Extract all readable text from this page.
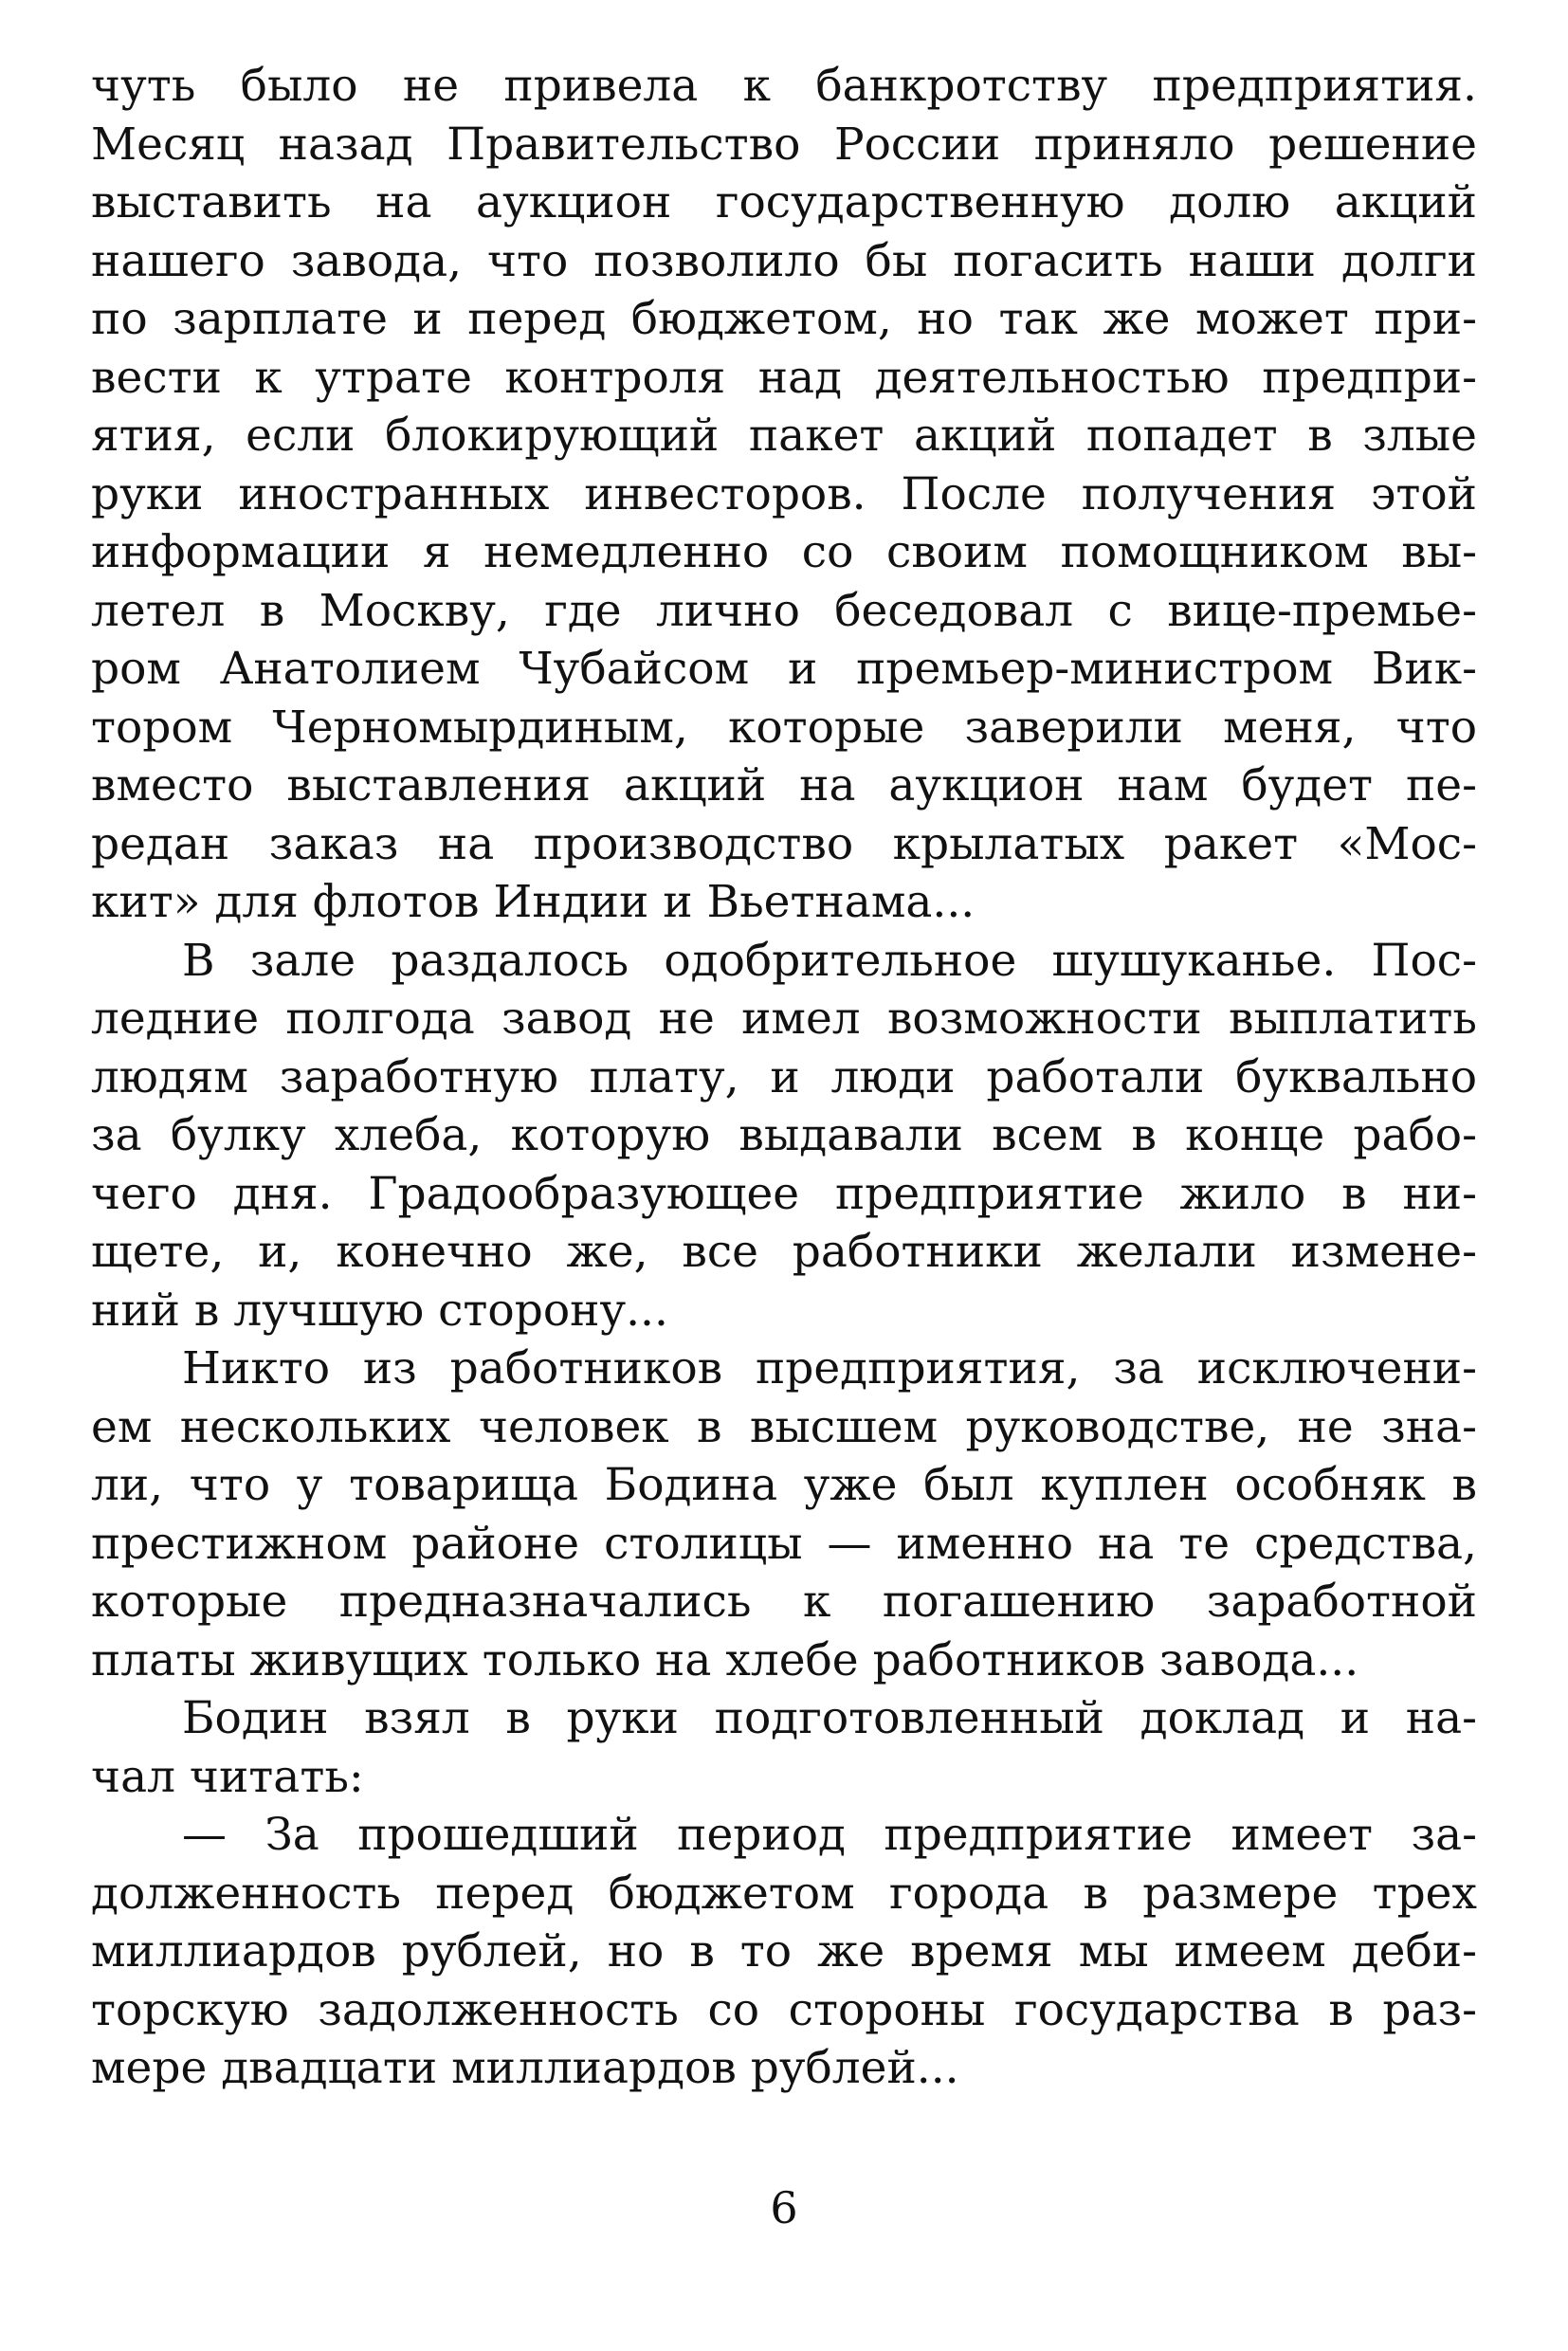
чуть было не привела к банкротству предприятия.
Месяц назад Правительство России приняло решение
выставить на аукцион государственную долю акций
нашего завода, что позволило бы погасить наши долги
по зарплате и перед бюджетом, но так же может при-
вести к утрате контроля над деятельностью предпри-
ятия, если блокирующий пакет акций попадет в злые
руки иностранных инвесторов. После получения этой
информации я немедленно со своим помощником вы-
летел в Москву, где лично беседовал с вице-премье-
ром Анатолием Чубайсом и премьер-министром Вик-
тором Черномырдиным, которые заверили меня, что
вместо выставления акций на аукцион нам будет пе-
редан заказ на производство крылатых ракет «Мос-
кит» для флотов Индии и Вьетнама...
В зале раздалось одобрительное шушуканье. Пос-
ледние полгода завод не имел возможности выплатить
людям заработную плату, и люди работали буквально
за булку хлеба, которую выдавали всем в конце рабо-
чего дня. Градообразующее предприятие жило в ни-
щете, и, конечно же, все работники желали измене-
ний в лучшую сторону...
Никто из работников предприятия, за исключени-
ем нескольких человек в высшем руководстве, не зна-
ли, что у товарища Бодина уже был куплен особняк в
престижном районе столицы — именно на те средства,
которые предназначались к погашению заработной
платы живущих только на хлебе работников завода...
Бодин взял в руки подготовленный доклад и на-
чал читать:
— За прошедший период предприятие имеет за-
долженность перед бюджетом города в размере трех
миллиардов рублей, но в то же время мы имеем деби-
торскую задолженность со стороны государства в раз-
мере двадцати миллиардов рублей...
6
